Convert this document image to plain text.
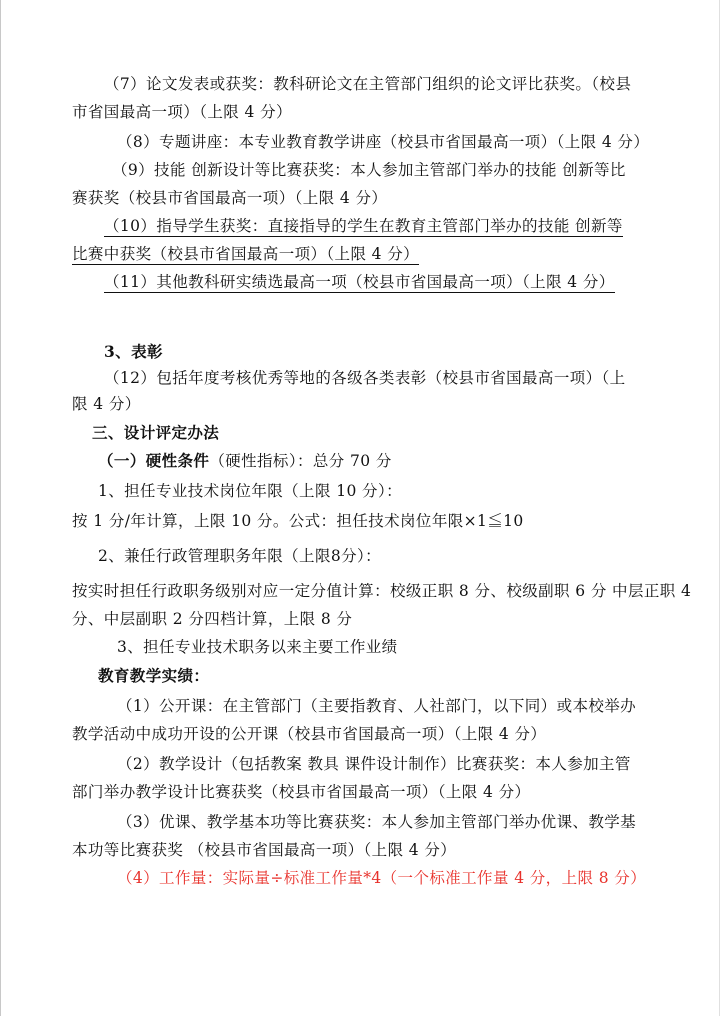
（7）论文发表或获奖：教科研论文在主管部门组织的论文评比获奖。（校县
市省国最高一项）（上限 4 分）
（8）专题讲座：本专业教育教学讲座（校县市省国最高一项）（上限 4 分）
（9）技能 创新设计等比赛获奖：本人参加主管部门举办的技能 创新等比
赛获奖（校县市省国最高一项）（上限 4 分）
（10）指导学生获奖：直接指导的学生在教育主管部门举办的技能 创新等
比赛中获奖（校县市省国最高一项）（上限 4 分）
（11）其他教科研实绩选最高一项（校县市省国最高一项）（上限 4 分）
3、表彰
（12）包括年度考核优秀等地的各级各类表彰（校县市省国最高一项）（上
限 4 分）
三、设计评定办法
（一）硬性条件（硬性指标）：总分 70 分
1、担任专业技术岗位年限（上限 10 分）：
按 1 分/年计算，上限 10 分。公式：担任技术岗位年限×1≦10
2、兼任行政管理职务年限（上限8分）：
按实时担任行政职务级别对应一定分值计算：校级正职 8 分、校级副职 6 分 中层正职 4
分、中层副职 2 分四档计算，上限 8 分
3、担任专业技术职务以来主要工作业绩
教育教学实绩：
（1）公开课：在主管部门（主要指教育、人社部门，以下同）或本校举办
教学活动中成功开设的公开课（校县市省国最高一项）（上限 4 分）
（2）教学设计（包括教案 教具 课件设计制作）比赛获奖：本人参加主管
部门举办教学设计比赛获奖（校县市省国最高一项）（上限 4 分）
（3）优课、教学基本功等比赛获奖：本人参加主管部门举办优课、教学基
本功等比赛获奖 （校县市省国最高一项）（上限 4 分）
（4）工作量：实际量÷标准工作量*4（一个标准工作量 4 分，上限 8 分）
